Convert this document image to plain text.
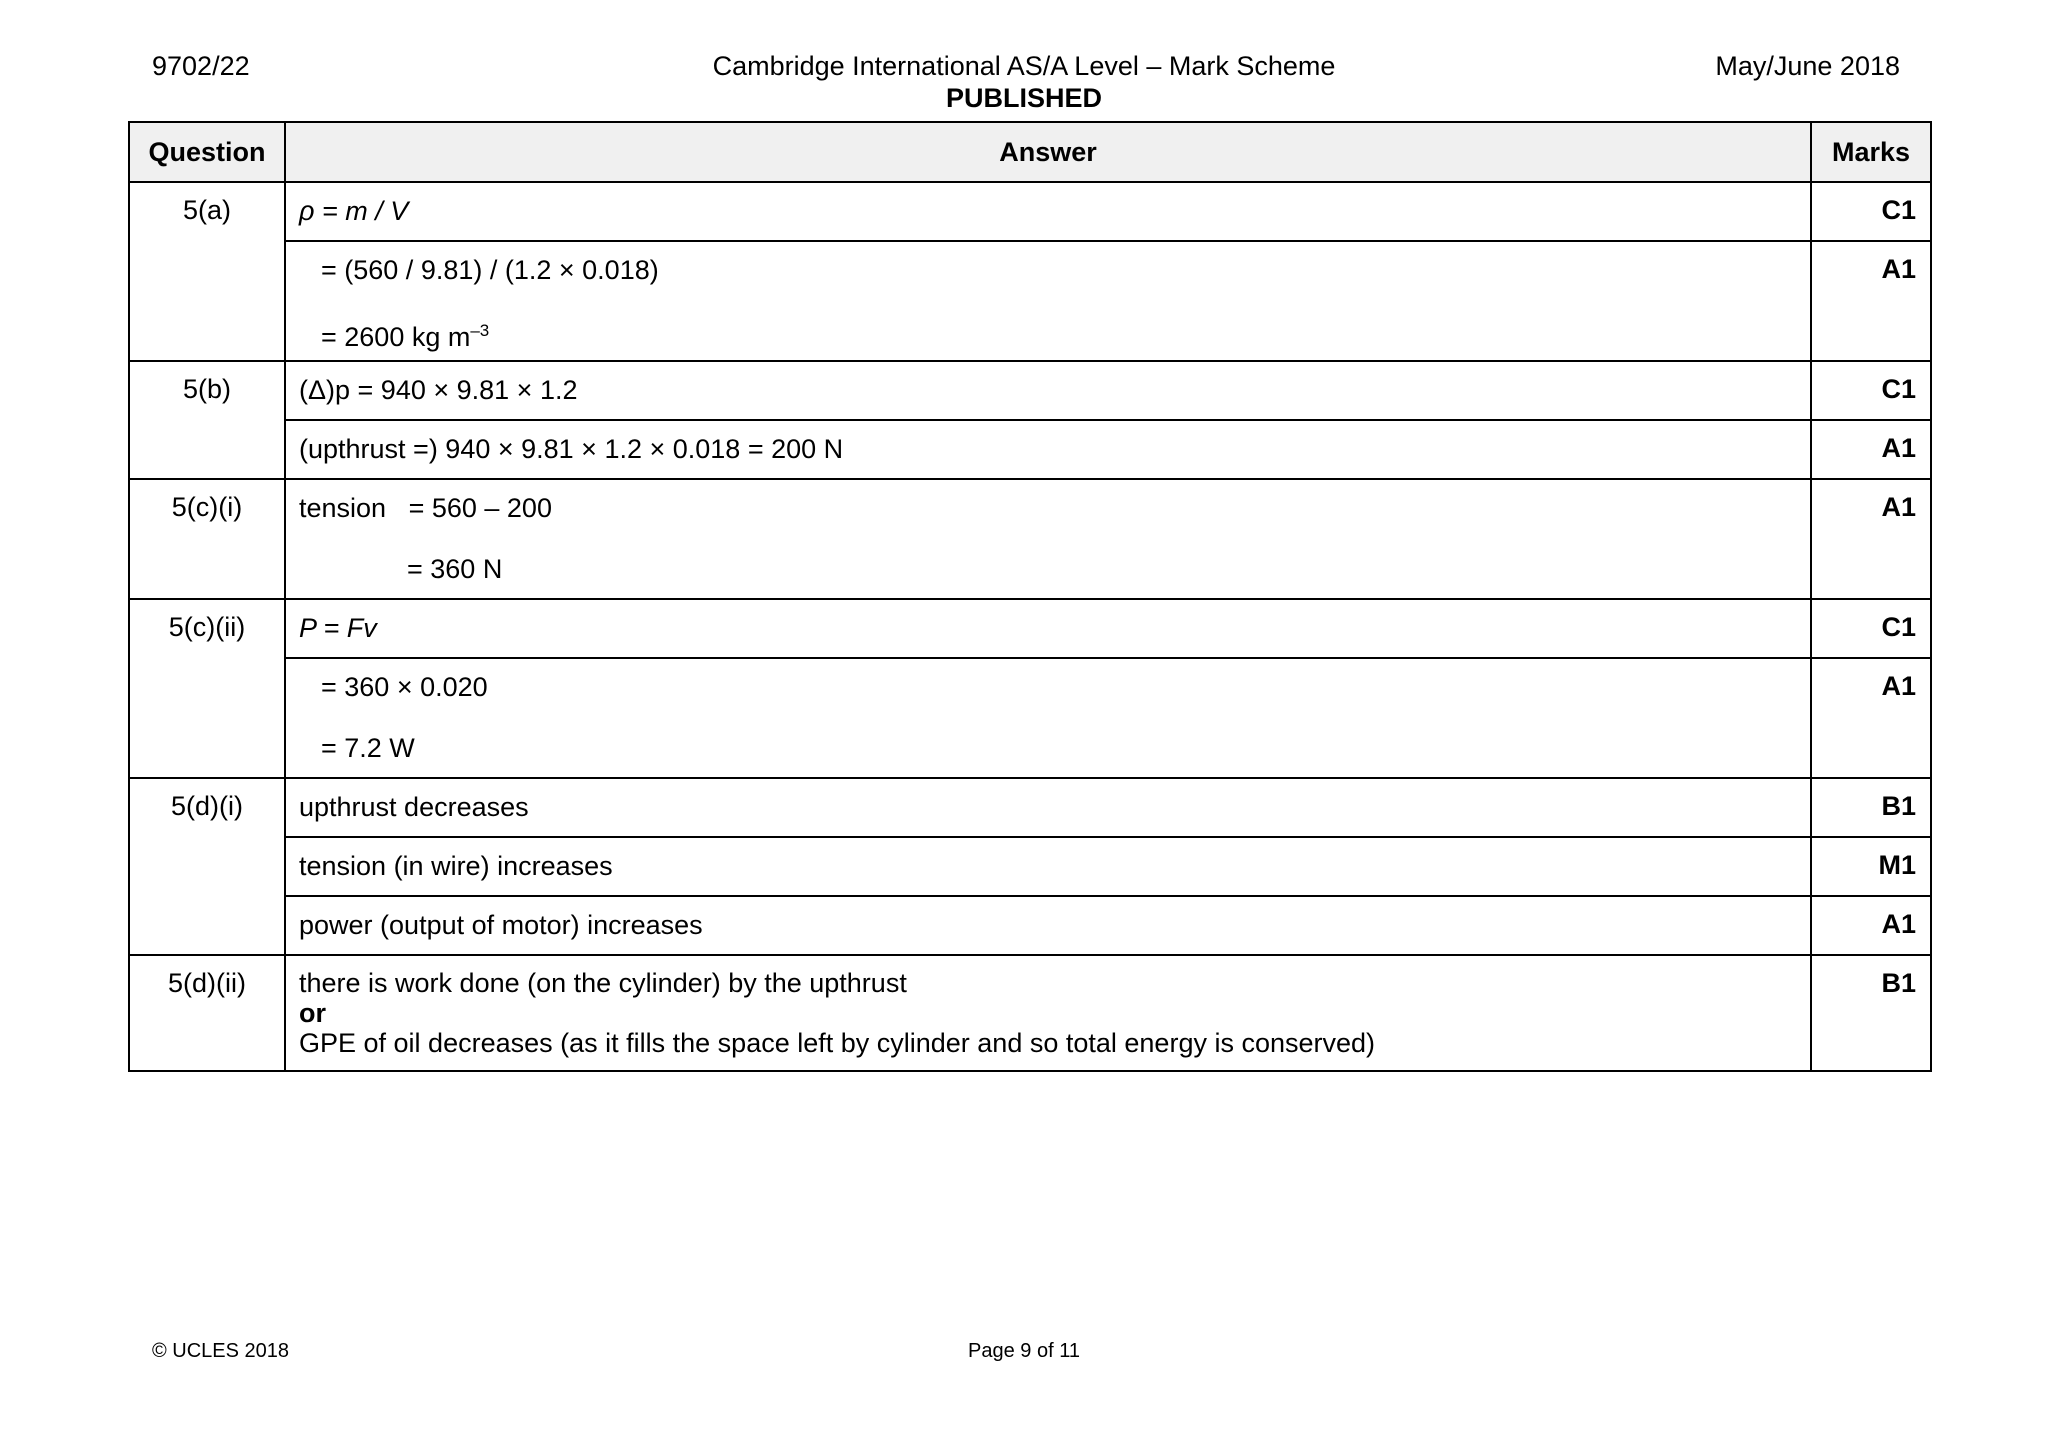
9702/22	Cambridge International AS/A Level – Mark Scheme
PUBLISHED
May/June 2018
Question	Answer	Marks
5(a)	ρ = m / V	C1

	= (560 / 9.81) / (1.2 × 0.018)
= 2600 kg $m^{-3}$	A1
5(b)	(Δ)p = 940 × 9.81 × 1.2	C1

	(upthrust =) 940 × 9.81 × 1.2 × 0.018 = 200 N	A1
5(c)(i)	tension   = 560 – 200
= 360 N	A1
5(c)(ii)	P = Fv	C1

	= 360 × 0.020
= 7.2 W	A1
5(d)(i)	upthrust decreases	B1

	tension (in wire) increases	M1

	power (output of motor) increases	A1
5(d)(ii)	there is work done (on the cylinder) by the upthrust
or
GPE of oil decreases (as it fills the space left by cylinder and so total energy is conserved)	B1
© UCLES 2018	Page 9 of 11
